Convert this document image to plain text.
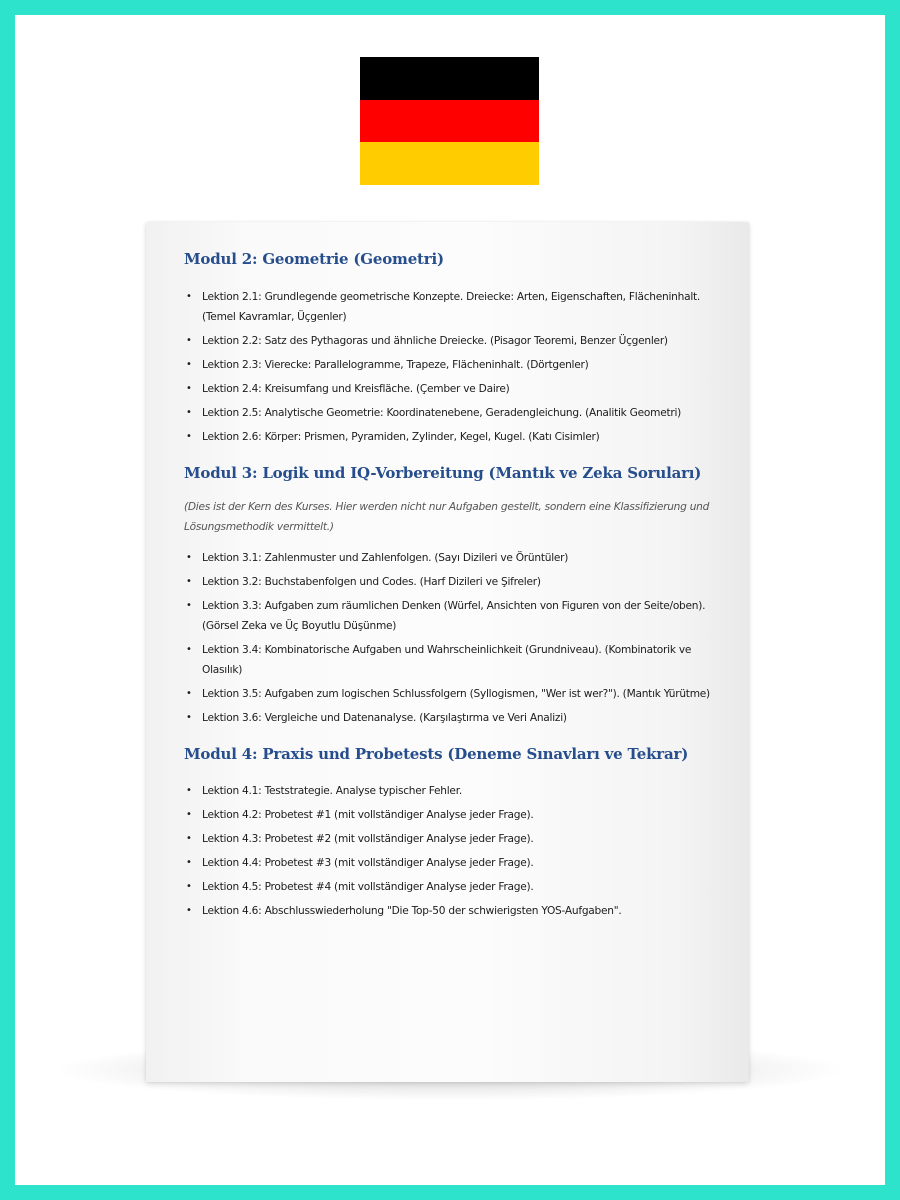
Modul 2: Geometrie (Geometri)
• Lektion 2.1: Grundlegende geometrische Konzepte. Dreiecke: Arten, Eigenschaften, Flächeninhalt. (Temel Kavramlar, Üçgenler)
• Lektion 2.2: Satz des Pythagoras und ähnliche Dreiecke. (Pisagor Teoremi, Benzer Üçgenler)
• Lektion 2.3: Vierecke: Parallelogramme, Trapeze, Flächeninhalt. (Dörtgenler)
• Lektion 2.4: Kreisumfang und Kreisfläche. (Çember ve Daire)
• Lektion 2.5: Analytische Geometrie: Koordinatenebene, Geradengleichung. (Analitik Geometri)
• Lektion 2.6: Körper: Prismen, Pyramiden, Zylinder, Kegel, Kugel. (Katı Cisimler)
Modul 3: Logik und IQ-Vorbereitung (Mantık ve Zeka Soruları)

(Dies ist der Kern des Kurses. Hier werden nicht nur Aufgaben gestellt, sondern eine Klassifizierung und Lösungsmethodik vermittelt.)

• Lektion 3.1: Zahlenmuster und Zahlenfolgen. (Sayı Dizileri ve Örüntüler)
• Lektion 3.2: Buchstabenfolgen und Codes. (Harf Dizileri ve Şifreler)
• Lektion 3.3: Aufgaben zum räumlichen Denken (Würfel, Ansichten von Figuren von der Seite/oben). (Görsel Zeka ve Üç Boyutlu Düşünme)
• Lektion 3.4: Kombinatorische Aufgaben und Wahrscheinlichkeit (Grundniveau). (Kombinatorik ve Olasılık)
• Lektion 3.5: Aufgaben zum logischen Schlussfolgern (Syllogismen, "Wer ist wer?"). (Mantık Yürütme)
• Lektion 3.6: Vergleiche und Datenanalyse. (Karşılaştırma ve Veri Analizi)
Modul 4: Praxis und Probetests (Deneme Sınavları ve Tekrar)
• Lektion 4.1: Teststrategie. Analyse typischer Fehler.
• Lektion 4.2: Probetest #1 (mit vollständiger Analyse jeder Frage).
• Lektion 4.3: Probetest #2 (mit vollständiger Analyse jeder Frage).
• Lektion 4.4: Probetest #3 (mit vollständiger Analyse jeder Frage).
• Lektion 4.5: Probetest #4 (mit vollständiger Analyse jeder Frage).
• Lektion 4.6: Abschlusswiederholung "Die Top-50 der schwierigsten YOS-Aufgaben".
